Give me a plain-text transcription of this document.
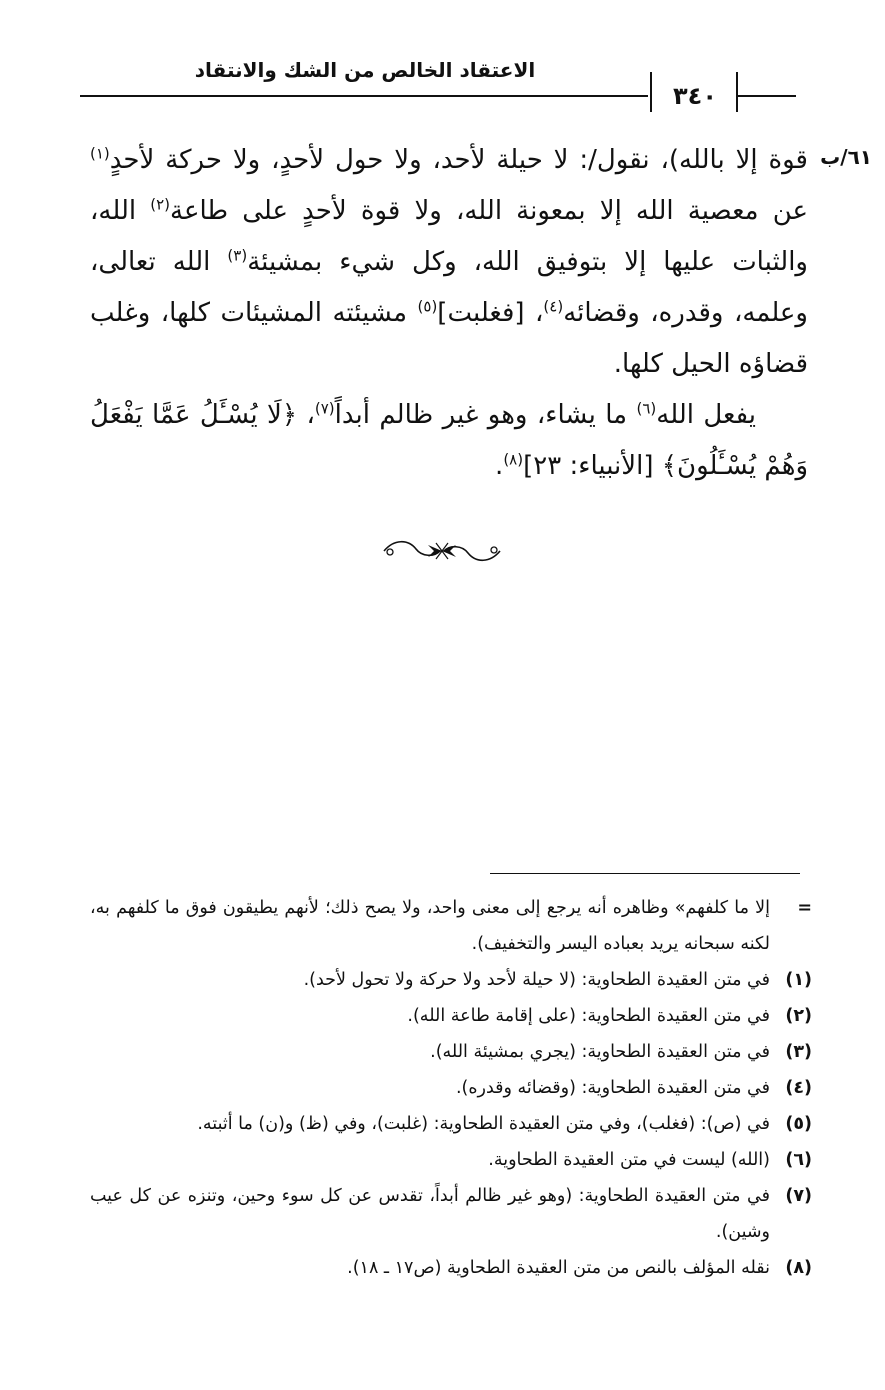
الاعتقاد الخالص من الشك والانتقاد
٣٤٠
٦١/ب

قوة إلا بالله)، نقول/: لا حيلة لأحد، ولا حول لأحدٍ، ولا حركة لأحدٍ$^{(١)}$ عن معصية الله إلا بمعونة الله، ولا قوة لأحدٍ على طاعة$^{(٢)}$ الله، والثبات عليها إلا بتوفيق الله، وكل شيء بمشيئة$^{(٣)}$ الله تعالى، وعلمه، وقدره، وقضائه$^{(٤)}$، [فغلبت]$^{(٥)}$ مشيئته المشيئات كلها، وغلب قضاؤه الحيل كلها.

يفعل الله$^{(٦)}$ ما يشاء، وهو غير ظالم أبداً$^{(٧)}$، ﴿لَا يُسْـَٔلُ عَمَّا يَفْعَلُ وَهُمْ يُسْـَٔلُونَ﴾ [الأنبياء: ٢٣]$^{(٨)}$.

=
إلا ما كلفهم» وظاهره أنه يرجع إلى معنى واحد، ولا يصح ذلك؛ لأنهم يطيقون فوق ما كلفهم به، لكنه سبحانه يريد بعباده اليسر والتخفيف).
(١)
في متن العقيدة الطحاوية: (لا حيلة لأحد ولا حركة ولا تحول لأحد).
(٢)
في متن العقيدة الطحاوية: (على إقامة طاعة الله).
(٣)
في متن العقيدة الطحاوية: (يجري بمشيئة الله).
(٤)
في متن العقيدة الطحاوية: (وقضائه وقدره).
(٥)
في (ص): (فغلب)، وفي متن العقيدة الطحاوية: (غلبت)، وفي (ظ) و(ن) ما أثبته.
(٦)
(الله) ليست في متن العقيدة الطحاوية.
(٧)
في متن العقيدة الطحاوية: (وهو غير ظالم أبداً، تقدس عن كل سوء وحين، وتنزه عن كل عيب وشين).
(٨)
نقله المؤلف بالنص من متن العقيدة الطحاوية (ص١٧ ـ ١٨).
